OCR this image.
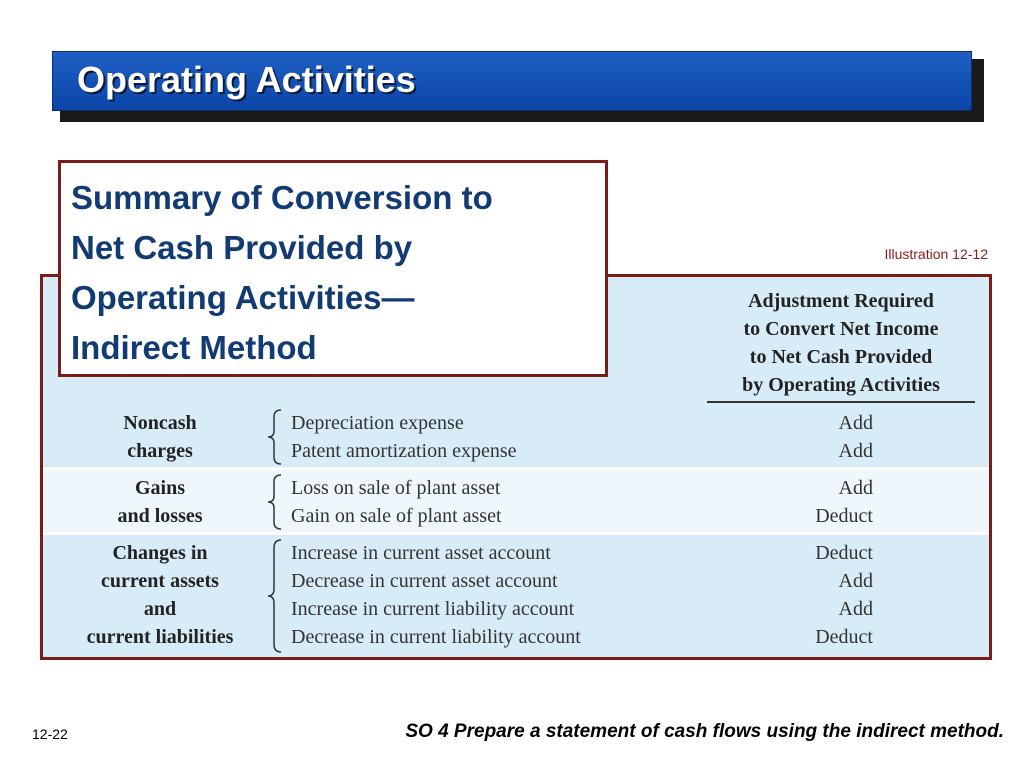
Operating Activities
Illustration 12-12
Adjustment Required
to Convert Net Income
to Net Cash Provided
by Operating Activities
Noncash
charges
Depreciation expense
Patent amortization expense
Add
Add
Gains
and losses
Loss on sale of plant asset
Gain on sale of plant asset
Add
Deduct
Changes in
current assets
and
current liabilities
Increase in current asset account
Decrease in current asset account
Increase in current liability account
Decrease in current liability account
Deduct
Add
Add
Deduct
Summary of Conversion to
Net Cash Provided by
Operating Activities—
Indirect Method
12-22	SO 4 Prepare a statement of cash flows using the indirect method.
